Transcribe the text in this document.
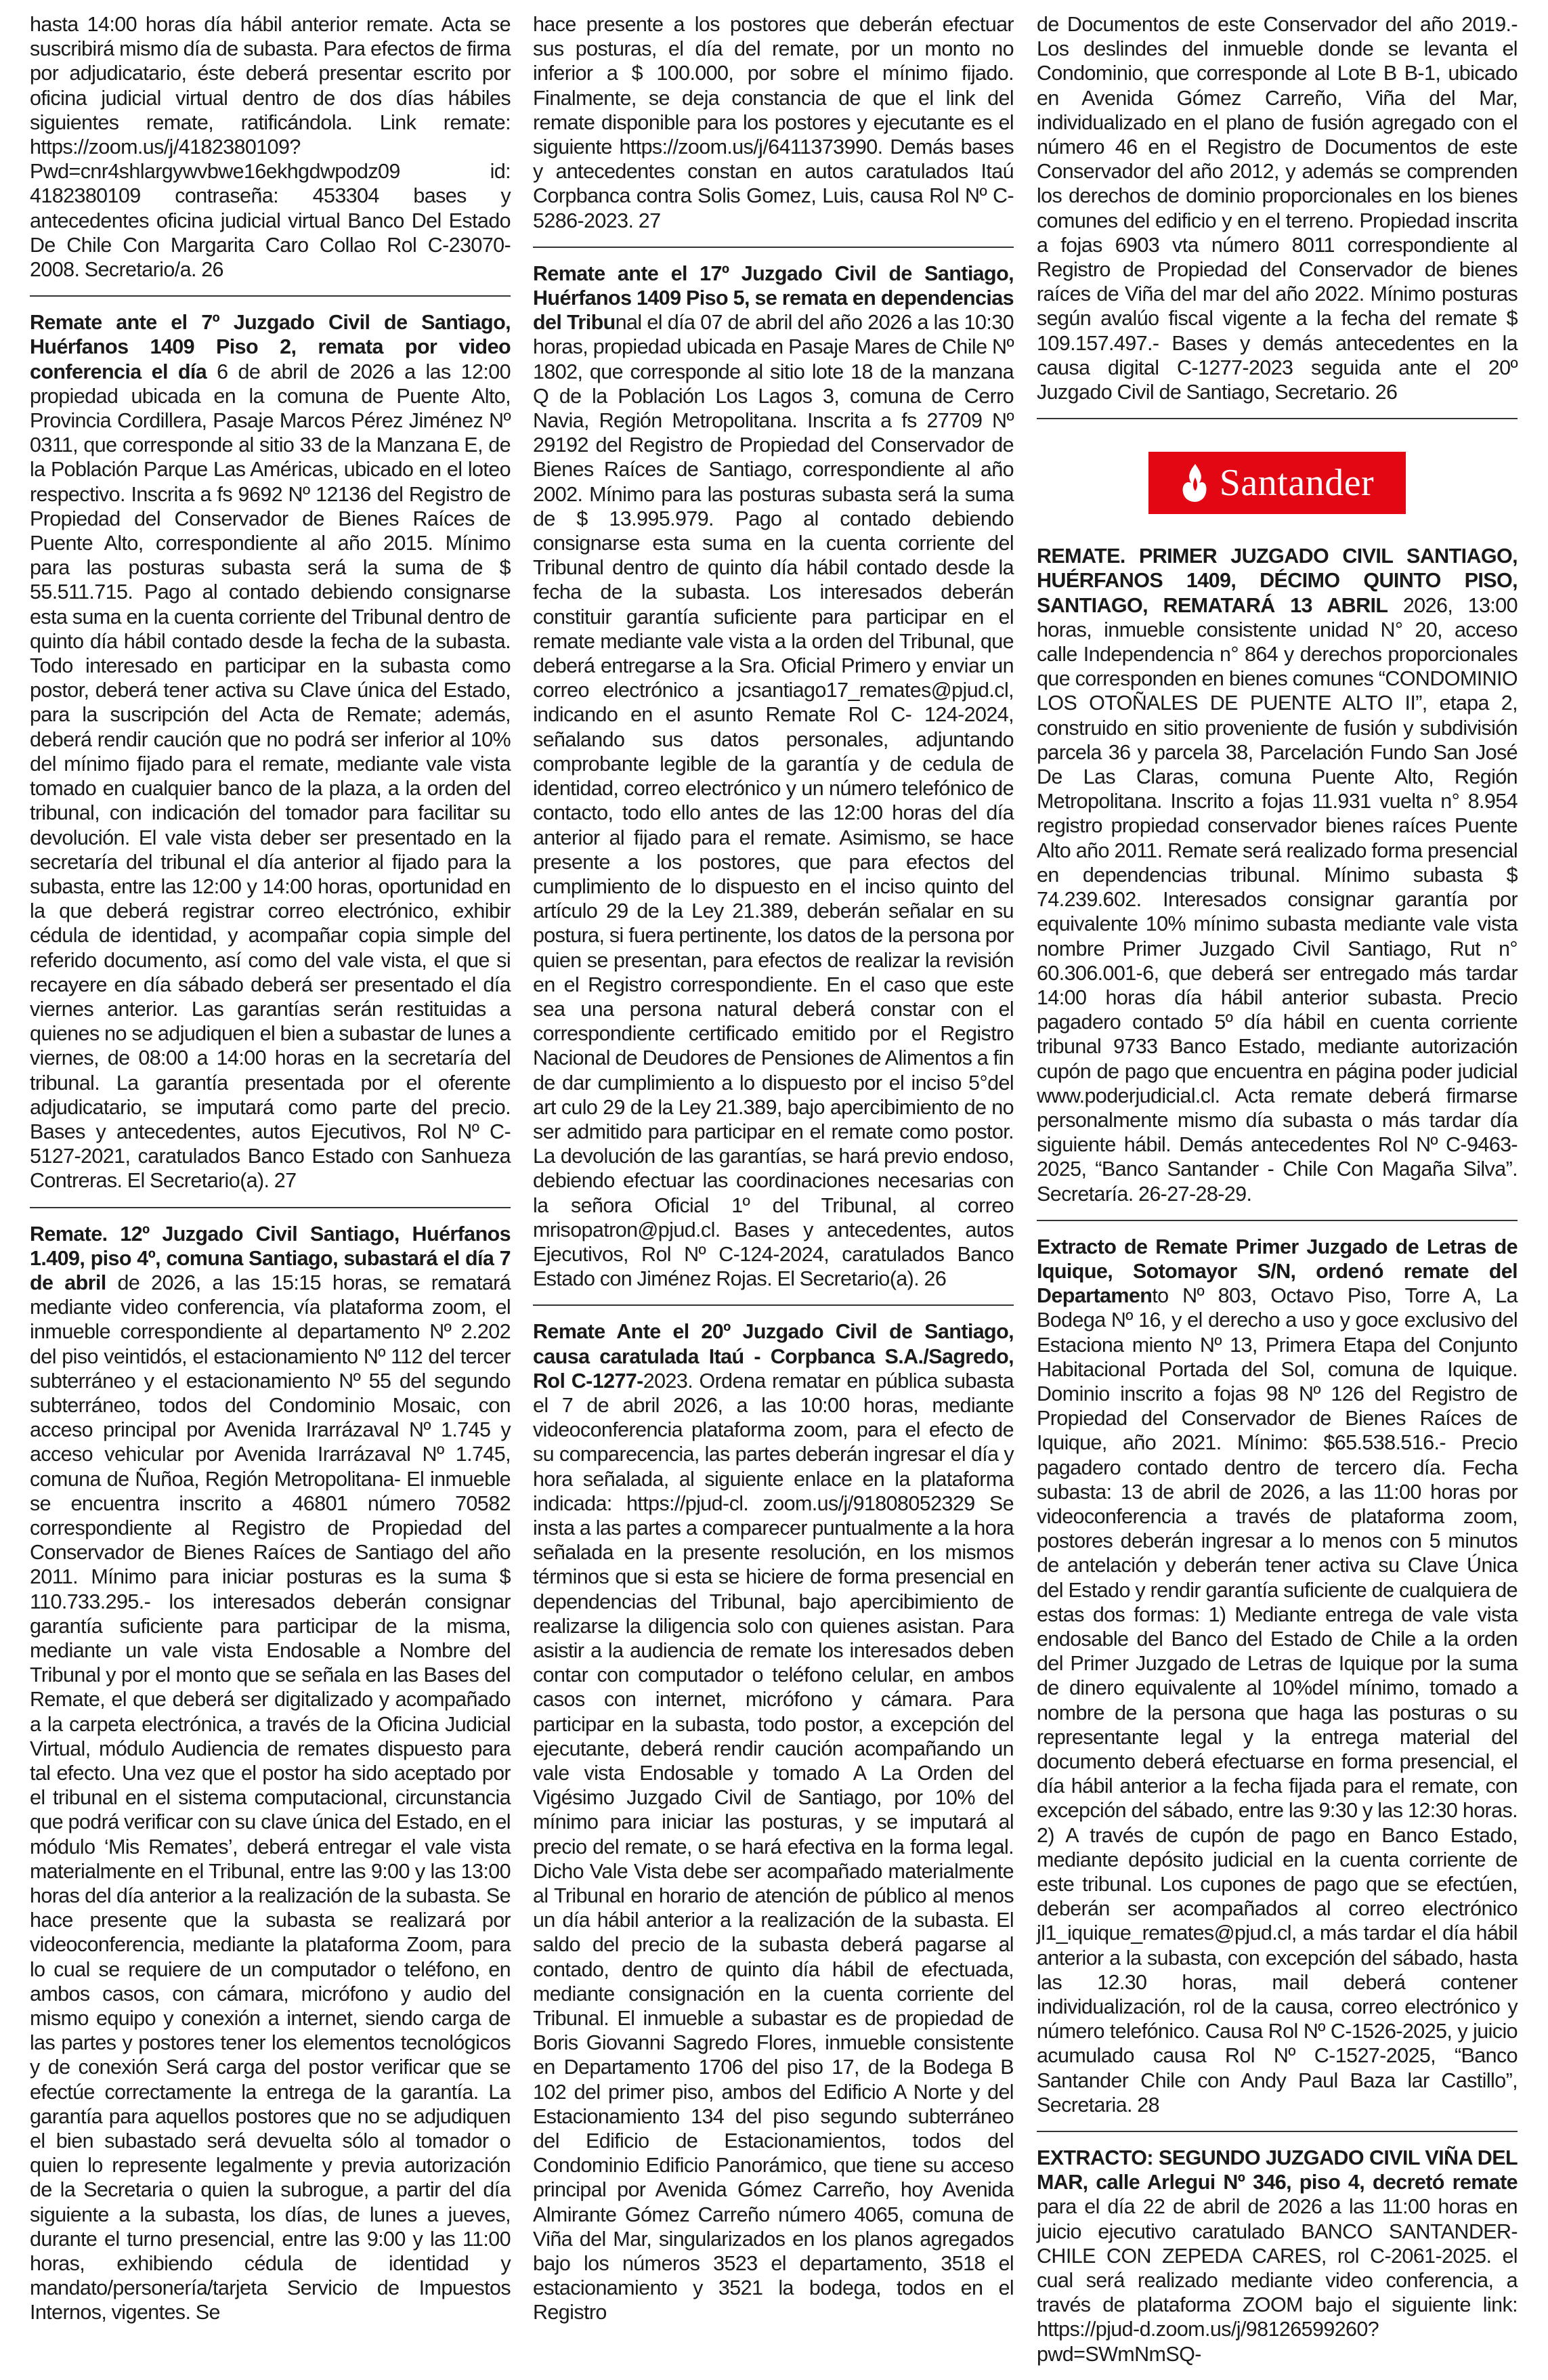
hasta 14:00 horas día hábil anterior remate. Acta se suscribirá mismo día de subasta. Para efectos de firma por adjudicatario, éste deberá presentar escrito por oficina judicial virtual dentro de dos días hábiles siguientes remate, ratificándola. Link remate: https://zoom.us/j/4182380109? Pwd=cnr4shlargywvbwe16ekhgdwpodz09 id: 4182380109 contraseña: 453304 bases y antecedentes oficina judicial virtual Banco Del Estado De Chile Con Margarita Caro Collao Rol C-23070-2008. Secretario/a. 26

Remate ante el 7º Juzgado Civil de Santiago, Huérfanos 1409 Piso 2, remata por video conferencia el día 6 de abril de 2026 a las 12:00 propiedad ubicada en la comuna de Puente Alto, Provincia Cordillera, Pasaje Marcos Pérez Jiménez Nº 0311, que corresponde al sitio 33 de la Manzana E, de la Población Parque Las Américas, ubicado en el loteo respectivo. Inscrita a fs 9692 Nº 12136 del Registro de Propiedad del Conservador de Bienes Raíces de Puente Alto, correspondiente al año 2015. Mínimo para las posturas subasta será la suma de $ 55.511.715. Pago al contado debiendo consignarse esta suma en la cuenta corriente del Tribunal dentro de quinto día hábil contado desde la fecha de la subasta. Todo interesado en participar en la subasta como postor, deberá tener activa su Clave única del Estado, para la suscripción del Acta de Remate; además, deberá rendir caución que no podrá ser inferior al 10% del mínimo fijado para el remate, mediante vale vista tomado en cualquier banco de la plaza, a la orden del tribunal, con indicación del tomador para facilitar su devolución. El vale vista deber ser presentado en la secretaría del tribunal el día anterior al fijado para la subasta, entre las 12:00 y 14:00 horas, oportunidad en la que deberá registrar correo electrónico, exhibir cédula de identidad, y acompañar copia simple del referido documento, así como del vale vista, el que si recayere en día sábado deberá ser presentado el día viernes anterior. Las garantías serán restituidas a quienes no se adjudiquen el bien a subastar de lunes a viernes, de 08:00 a 14:00 horas en la secretaría del tribunal. La garantía presentada por el oferente adjudicatario, se imputará como parte del precio. Bases y antecedentes, autos Ejecutivos, Rol Nº C-5127-2021, caratulados Banco Estado con Sanhueza Contreras. El Secretario(a). 27

Remate. 12º Juzgado Civil Santiago, Huérfanos 1.409, piso 4º, comuna Santiago, subastará el día 7 de abril de 2026, a las 15:15 horas, se rematará mediante video conferencia, vía plataforma zoom, el inmueble correspondiente al departamento Nº 2.202 del piso veintidós, el estacionamiento Nº 112 del tercer subterráneo y el estacionamiento Nº 55 del segundo subterráneo, todos del Condominio Mosaic, con acceso principal por Avenida Irarrázaval Nº 1.745 y acceso vehicular por Avenida Irarrázaval Nº 1.745, comuna de Ñuñoa, Región Metropolitana- El inmueble se encuentra inscrito a 46801 número 70582 correspondiente al Registro de Propiedad del Conservador de Bienes Raíces de Santiago del año 2011. Mínimo para iniciar posturas es la suma $ 110.733.295.- los interesados deberán consignar garantía suficiente para participar de la misma, mediante un vale vista Endosable a Nombre del Tribunal y por el monto que se señala en las Bases del Remate, el que deberá ser digitalizado y acompañado a la carpeta electrónica, a través de la Oficina Judicial Virtual, módulo Audiencia de remates dispuesto para tal efecto. Una vez que el postor ha sido aceptado por el tribunal en el sistema computacional, circunstancia que podrá verificar con su clave única del Estado, en el módulo ‘Mis Remates’, deberá entregar el vale vista materialmente en el Tribunal, entre las 9:00 y las 13:00 horas del día anterior a la realización de la subasta. Se hace presente que la subasta se realizará por videoconferencia, mediante la plataforma Zoom, para lo cual se requiere de un computador o teléfono, en ambos casos, con cámara, micrófono y audio del mismo equipo y conexión a internet, siendo carga de las partes y postores tener los elementos tecnológicos y de conexión Será carga del postor verificar que se efectúe correctamente la entrega de la garantía. La garantía para aquellos postores que no se adjudiquen el bien subastado será devuelta sólo al tomador o quien lo represente legalmente y previa autorización de la Secretaria o quien la subrogue, a partir del día siguiente a la subasta, los días, de lunes a jueves, durante el turno presencial, entre las 9:00 y las 11:00 horas, exhibiendo cédula de identidad y mandato/personería/tarjeta Servicio de Impuestos Internos, vigentes. Se

hace presente a los postores que deberán efectuar sus posturas, el día del remate, por un monto no inferior a $ 100.000, por sobre el mínimo fijado. Finalmente, se deja constancia de que el link del remate disponible para los postores y ejecutante es el siguiente https://zoom.us/j/6411373990. Demás bases y antecedentes constan en autos caratulados Itaú Corpbanca contra Solis Gomez, Luis, causa Rol Nº C-5286-2023. 27

Remate ante el 17º Juzgado Civil de Santiago, Huérfanos 1409 Piso 5, se remata en dependencias del Tribunal el día 07 de abril del año 2026 a las 10:30 horas, propiedad ubicada en Pasaje Mares de Chile Nº 1802, que corresponde al sitio lote 18 de la manzana Q de la Población Los Lagos 3, comuna de Cerro Navia, Región Metropolitana. Inscrita a fs 27709 Nº 29192 del Registro de Propiedad del Conservador de Bienes Raíces de Santiago, correspondiente al año 2002. Mínimo para las posturas subasta será la suma de $ 13.995.979. Pago al contado debiendo consignarse esta suma en la cuenta corriente del Tribunal dentro de quinto día hábil contado desde la fecha de la subasta. Los interesados deberán constituir garantía suficiente para participar en el remate mediante vale vista a la orden del Tribunal, que deberá entregarse a la Sra. Oficial Primero y enviar un correo electrónico a jcsantiago17_remates@pjud.cl, indicando en el asunto Remate Rol C- 124-2024, señalando sus datos personales, adjuntando comprobante legible de la garantía y de cedula de identidad, correo electrónico y un número telefónico de contacto, todo ello antes de las 12:00 horas del día anterior al fijado para el remate. Asimismo, se hace presente a los postores, que para efectos del cumplimiento de lo dispuesto en el inciso quinto del artículo 29 de la Ley 21.389, deberán señalar en su postura, si fuera pertinente, los datos de la persona por quien se presentan, para efectos de realizar la revisión en el Registro correspondiente. En el caso que este sea una persona natural deberá constar con el correspondiente certificado emitido por el Registro Nacional de Deudores de Pensiones de Alimentos a fin de dar cumplimiento a lo dispuesto por el inciso 5°del art culo 29 de la Ley 21.389, bajo apercibimiento de no ser admitido para participar en el remate como postor. La devolución de las garantías, se hará previo endoso, debiendo efectuar las coordinaciones necesarias con la señora Oficial 1º del Tribunal, al correo mrisopatron@pjud.cl. Bases y antecedentes, autos Ejecutivos, Rol Nº C-124-2024, caratulados Banco Estado con Jiménez Rojas. El Secretario(a). 26

Remate Ante el 20º Juzgado Civil de Santiago, causa caratulada Itaú - Corpbanca S.A./Sagredo, Rol C-1277-2023. Ordena rematar en pública subasta el 7 de abril 2026, a las 10:00 horas, mediante videoconferencia plataforma zoom, para el efecto de su comparecencia, las partes deberán ingresar el día y hora señalada, al siguiente enlace en la plataforma indicada: https://pjud-cl. zoom.us/j/91808052329 Se insta a las partes a comparecer puntualmente a la hora señalada en la presente resolución, en los mismos términos que si esta se hiciere de forma presencial en dependencias del Tribunal, bajo apercibimiento de realizarse la diligencia solo con quienes asistan. Para asistir a la audiencia de remate los interesados deben contar con computador o teléfono celular, en ambos casos con internet, micrófono y cámara. Para participar en la subasta, todo postor, a excepción del ejecutante, deberá rendir caución acompañando un vale vista Endosable y tomado A La Orden del Vigésimo Juzgado Civil de Santiago, por 10% del mínimo para iniciar las posturas, y se imputará al precio del remate, o se hará efectiva en la forma legal. Dicho Vale Vista debe ser acompañado materialmente al Tribunal en horario de atención de público al menos un día hábil anterior a la realización de la subasta. El saldo del precio de la subasta deberá pagarse al contado, dentro de quinto día hábil de efectuada, mediante consignación en la cuenta corriente del Tribunal. El inmueble a subastar es de propiedad de Boris Giovanni Sagredo Flores, inmueble consistente en Departamento 1706 del piso 17, de la Bodega B 102 del primer piso, ambos del Edificio A Norte y del Estacionamiento 134 del piso segundo subterráneo del Edificio de Estacionamientos, todos del Condominio Edificio Panorámico, que tiene su acceso principal por Avenida Gómez Carreño, hoy Avenida Almirante Gómez Carreño número 4065, comuna de Viña del Mar, singularizados en los planos agregados bajo los números 3523 el departamento, 3518 el estacionamiento y 3521 la bodega, todos en el Registro

de Documentos de este Conservador del año 2019.- Los deslindes del inmueble donde se levanta el Condominio, que corresponde al Lote B B-1, ubicado en Avenida Gómez Carreño, Viña del Mar, individualizado en el plano de fusión agregado con el número 46 en el Registro de Documentos de este Conservador del año 2012, y además se comprenden los derechos de dominio proporcionales en los bienes comunes del edificio y en el terreno. Propiedad inscrita a fojas 6903 vta número 8011 correspondiente al Registro de Propiedad del Conservador de bienes raíces de Viña del mar del año 2022. Mínimo posturas según avalúo fiscal vigente a la fecha del remate $ 109.157.497.- Bases y demás antecedentes en la causa digital C-1277-2023 seguida ante el 20º Juzgado Civil de Santiago, Secretario. 26

Santander

REMATE. PRIMER JUZGADO CIVIL SANTIAGO, HUÉRFANOS 1409, DÉCIMO QUINTO PISO, SANTIAGO, REMATARÁ 13 ABRIL 2026, 13:00 horas, inmueble consistente unidad N° 20, acceso calle Independencia n° 864 y derechos proporcionales que corresponden en bienes comunes “CONDOMINIO LOS OTOÑALES DE PUENTE ALTO II”, etapa 2, construido en sitio proveniente de fusión y subdivisión parcela 36 y parcela 38, Parcelación Fundo San José De Las Claras, comuna Puente Alto, Región Metropolitana. Inscrito a fojas 11.931 vuelta n° 8.954 registro propiedad conservador bienes raíces Puente Alto año 2011. Remate será realizado forma presencial en dependencias tribunal. Mínimo subasta $ 74.239.602. Interesados consignar garantía por equivalente 10% mínimo subasta mediante vale vista nombre Primer Juzgado Civil Santiago, Rut n° 60.306.001-6, que deberá ser entregado más tardar 14:00 horas día hábil anterior subasta. Precio pagadero contado 5º día hábil en cuenta corriente tribunal 9733 Banco Estado, mediante autorización cupón de pago que encuentra en página poder judicial www.poderjudicial.cl. Acta remate deberá firmarse personalmente mismo día subasta o más tardar día siguiente hábil. Demás antecedentes Rol Nº C-9463-2025, “Banco Santander - Chile Con Magaña Silva”. Secretaría. 26-27-28-29.

Extracto de Remate Primer Juzgado de Letras de Iquique, Sotomayor S/N, ordenó remate del Departamento Nº 803, Octavo Piso, Torre A, La Bodega Nº 16, y el derecho a uso y goce exclusivo del Estaciona miento Nº 13, Primera Etapa del Conjunto Habitacional Portada del Sol, comuna de Iquique. Dominio inscrito a fojas 98 Nº 126 del Registro de Propiedad del Conservador de Bienes Raíces de Iquique, año 2021. Mínimo: $65.538.516.- Precio pagadero contado dentro de tercero día. Fecha subasta: 13 de abril de 2026, a las 11:00 horas por videoconferencia a través de plataforma zoom, postores deberán ingresar a lo menos con 5 minutos de antelación y deberán tener activa su Clave Única del Estado y rendir garantía suficiente de cualquiera de estas dos formas: 1) Mediante entrega de vale vista endosable del Banco del Estado de Chile a la orden del Primer Juzgado de Letras de Iquique por la suma de dinero equivalente al 10%del mínimo, tomado a nombre de la persona que haga las posturas o su representante legal y la entrega material del documento deberá efectuarse en forma presencial, el día hábil anterior a la fecha fijada para el remate, con excepción del sábado, entre las 9:30 y las 12:30 horas. 2) A través de cupón de pago en Banco Estado, mediante depósito judicial en la cuenta corriente de este tribunal. Los cupones de pago que se efectúen, deberán ser acompañados al correo electrónico jl1_iquique_remates@pjud.cl, a más tardar el día hábil anterior a la subasta, con excepción del sábado, hasta las 12.30 horas, mail deberá contener individualización, rol de la causa, correo electrónico y número telefónico. Causa Rol Nº C-1526-2025, y juicio acumulado causa Rol Nº C-1527-2025, “Banco Santander Chile con Andy Paul Baza lar Castillo”, Secretaria. 28

EXTRACTO: SEGUNDO JUZGADO CIVIL VIÑA DEL MAR, calle Arlegui Nº 346, piso 4, decretó remate para el día 22 de abril de 2026 a las 11:00 horas en juicio ejecutivo caratulado BANCO SANTANDER-CHILE CON ZEPEDA CARES, rol C-2061-2025. el cual será realizado mediante video conferencia, a través de plataforma ZOOM bajo el siguiente link: https://pjud-d.zoom.us/j/98126599260?pwd=SWmNmSQ-
